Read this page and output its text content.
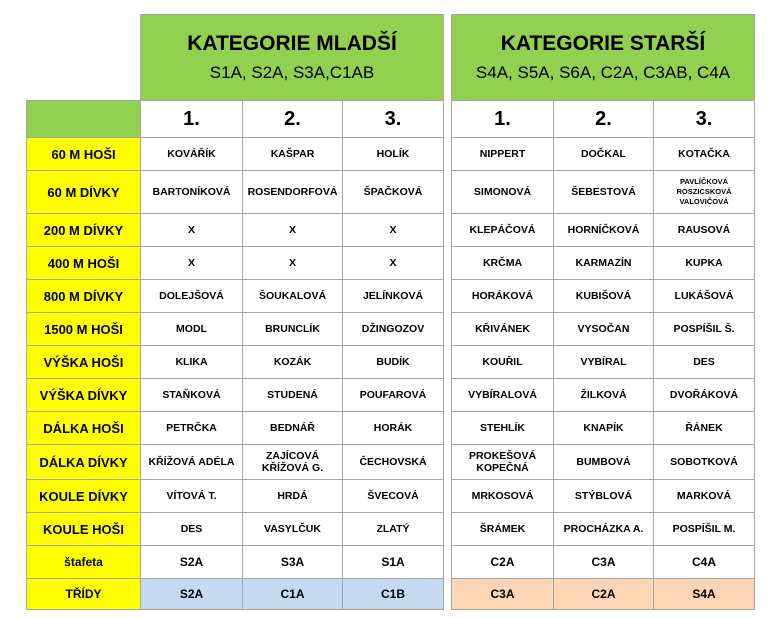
	KATEGORIE MLADŠÍ
S1A, S2A, S3A,C1AB				KATEGORIE STARŠÍ
S4A, S5A, S6A, C2A, C3AB, C4A		

	1.	2.	3.		1.	2.	3.
60 M HOŠI	KOVÁŘÍK	KAŠPAR	HOLÍK		NIPPERT	DOČKAL	KOTAČKA
60 M DÍVKY	BARTONÍKOVÁ	ROSENDORFOVÁ	ŠPAČKOVÁ		SIMONOVÁ	ŠEBESTOVÁ	PAVLÍČKOVÁ ROSZICSKOVÁ VALOVIČOVÁ
200 M DÍVKY	X	X	X		KLEPÁČOVÁ	HORNÍČKOVÁ	RAUSOVÁ
400 M HOŠI	X	X	X		KRČMA	KARMAZÍN	KUPKA
800 M DÍVKY	DOLEJŠOVÁ	ŠOUKALOVÁ	JELÍNKOVÁ		HORÁKOVÁ	KUBIŠOVÁ	LUKÁŠOVÁ
1500 M HOŠI	MODL	BRUNCLÍK	DŽINGOZOV		KŘIVÁNEK	VYSOČAN	POSPÍŠIL Š.
VÝŠKA HOŠI	KLIKA	KOZÁK	BUDÍK		KOUŘIL	VYBÍRAL	DES
VÝŠKA DÍVKY	STAŇKOVÁ	STUDENÁ	POUFAROVÁ		VYBÍRALOVÁ	ŽILKOVÁ	DVOŘÁKOVÁ
DÁLKA HOŠI	PETRČKA	BEDNÁŘ	HORÁK		STEHLÍK	KNAPÍK	ŘÁNEK
DÁLKA DÍVKY	KŘÍŽOVÁ ADÉLA	ZAJÍCOVÁ KŘÍŽOVÁ G.	ČECHOVSKÁ		PROKEŠOVÁ KOPEČNÁ	BUMBOVÁ	SOBOTKOVÁ
KOULE DÍVKY	VÍTOVÁ T.	HRDÁ	ŠVECOVÁ		MRKOSOVÁ	STÝBLOVÁ	MARKOVÁ
KOULE HOŠI	DES	VASYLČUK	ZLATÝ		ŠRÁMEK	PROCHÁZKA A.	POSPÍŠIL M.
štafeta	S2A	S3A	S1A		C2A	C3A	C4A
TŘÍDY	S2A	C1A	C1B		C3A	C2A	S4A
